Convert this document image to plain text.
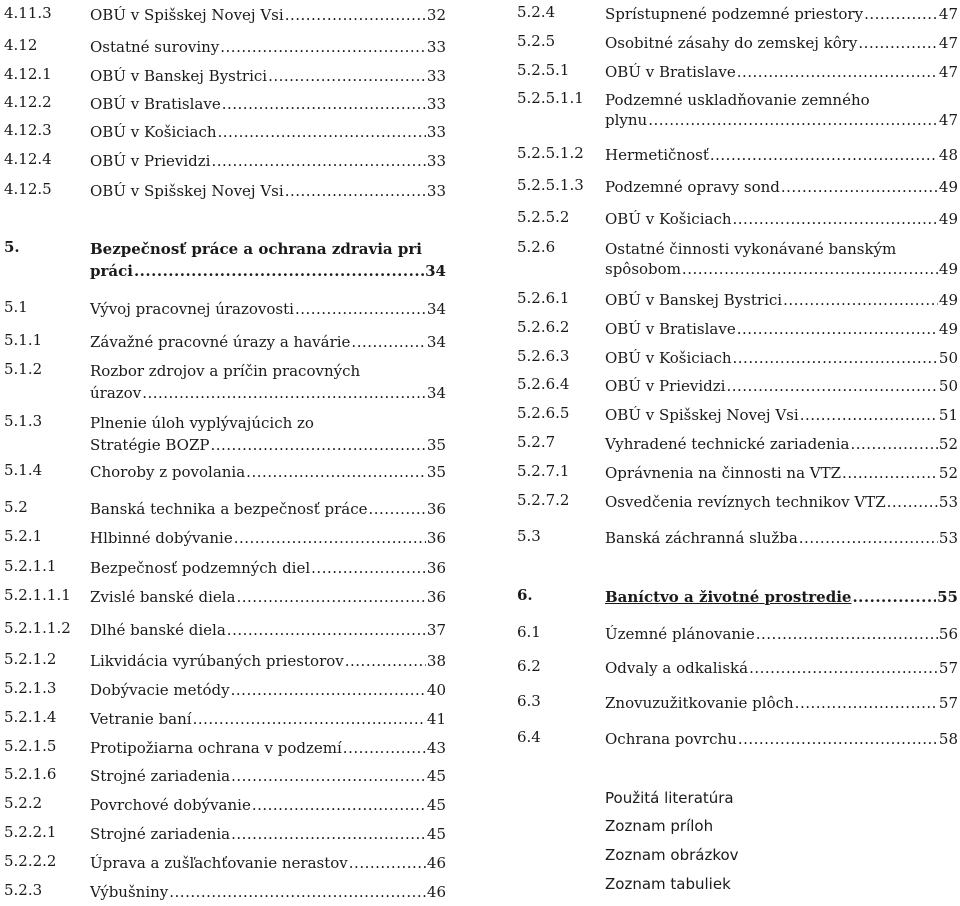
4.11.3	OBÚ v Spišskej Novej Vsi .....	32
4.12	Ostatné suroviny .....	33
4.12.1	OBÚ v Banskej Bystrici .....	33
4.12.2	OBÚ v Bratislave .....	33
4.12.3	OBÚ v Košiciach .....	33
4.12.4	OBÚ v Prievidzi .....	33
4.12.5	OBÚ v Spišskej Novej Vsi .....	33
5.	Bezpečnosť práce a ochrana zdravia pri
práci .....	34
5.1	Vývoj pracovnej úrazovosti .....	34
5.1.1	Závažné pracovné úrazy a havárie .....	34
5.1.2	Rozbor zdrojov a príčin pracovných
úrazov .....	34
5.1.3	Plnenie úloh vyplývajúcich zo
Stratégie BOZP .....	35
5.1.4	Choroby z povolania .....	35
5.2	Banská technika a bezpečnosť práce .....	36
5.2.1	Hlbinné dobývanie .....	36
5.2.1.1 Bezpečnosť podzemných diel .....	36
5.2.1.1.1 Zvislé banské diela .....	36
5.2.1.1.2 Dlhé banské diela .....	37
5.2.1.2 Likvidácia vyrúbaných priestorov .....	38
5.2.1.3 Dobývacie metódy .....	40
5.2.1.4 Vetranie baní .....	41
5.2.1.5 Protipožiarna ochrana v podzemí .....	43
5.2.1.6 Strojné zariadenia .....	45
5.2.2	Povrchové dobývanie .....	45
5.2.2.1 Strojné zariadenia .....	45
5.2.2.2 Úprava a zušľachťovanie nerastov .....	46
5.2.3	Výbušniny .....	46
5.2.4	Sprístupnené podzemné priestory .....	47
5.2.5	Osobitné zásahy do zemskej kôry .....	47
5.2.5.1 OBÚ v Bratislave .....	47
5.2.5.1.1 Podzemné uskladňovanie zemného
plynu .....	47
5.2.5.1.2 Hermetičnosť .....	48
5.2.5.1.3 Podzemné opravy sond .....	49
5.2.5.2 OBÚ v Košiciach .....	49
5.2.6	Ostatné činnosti vykonávané banským
spôsobom .....	49
5.2.6.1 OBÚ v Banskej Bystrici .....	49
5.2.6.2 OBÚ v Bratislave .....	49
5.2.6.3 OBÚ v Košiciach .....	50
5.2.6.4 OBÚ v Prievidzi .....	50
5.2.6.5 OBÚ v Spišskej Novej Vsi .....	51
5.2.7	Vyhradené technické zariadenia .....	52
5.2.7.1 Oprávnenia na činnosti na VTZ .....	52
5.2.7.2 Osvedčenia revíznych technikov VTZ .....	53
5.3	Banská záchranná služba .....	53
6.	Baníctvo a životné prostredie .....	55
6.1	Územné plánovanie .....	56
6.2	Odvaly a odkaliská .....	57
6.3	Znovuzužitkovanie plôch .....	57
6.4	Ochrana povrchu .....	58
Použitá literatúra
Zoznam príloh
Zoznam obrázkov
Zoznam tabuliek
